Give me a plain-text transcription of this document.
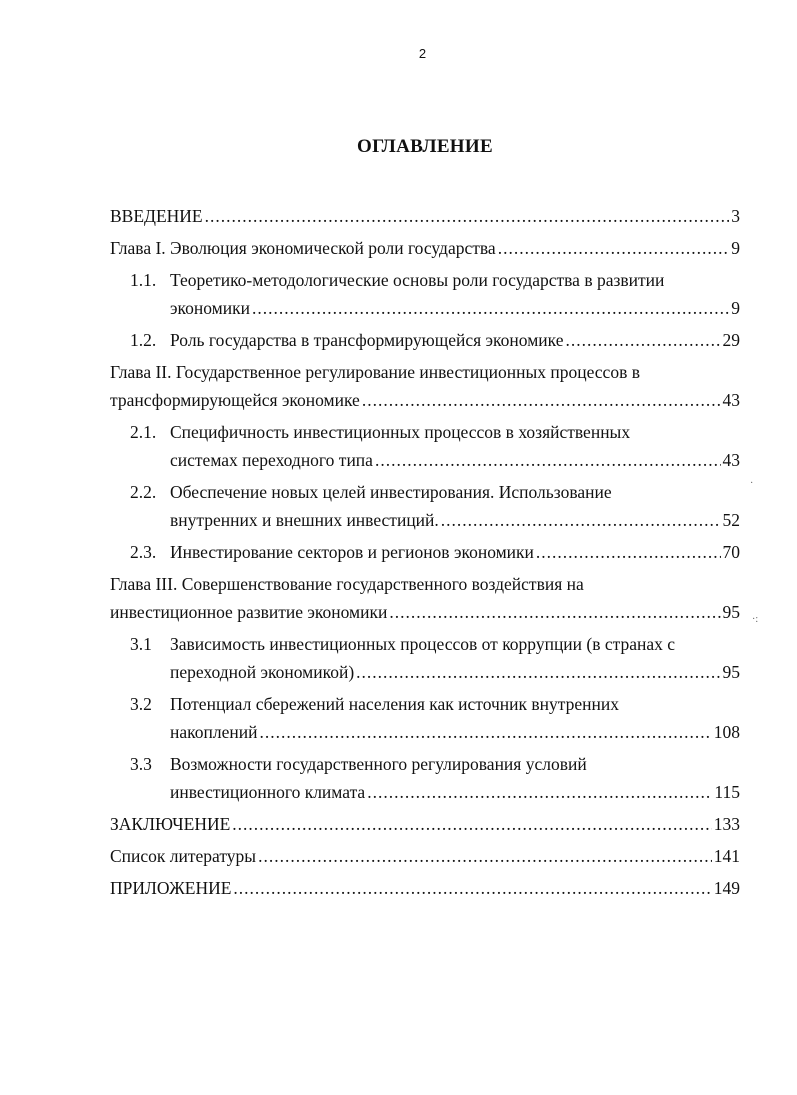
2
ОГЛАВЛЕНИЕ
ВВЕДЕНИЕ .....	3
Глава I. Эволюция экономической роли государства .....	9
1.1. Теоретико-методологические основы роли государства в развитии
экономики .....	9
1.2. Роль государства в трансформирующейся экономике .....	29
Глава II. Государственное регулирование инвестиционных процессов в
трансформирующейся экономике .....	43
2.1. Специфичность инвестиционных процессов в хозяйственных
системах переходного типа .....	43
2.2. Обеспечение новых целей инвестирования. Использование
внутренних и внешних инвестиций. .....	52
2.3. Инвестирование секторов и регионов экономики .....	70
Глава III. Совершенствование государственного воздействия на
инвестиционное развитие экономики .....	95
3.1 Зависимость инвестиционных процессов от коррупции (в странах с
переходной экономикой) .....	95
3.2 Потенциал сбережений населения как источник внутренних
накоплений .....	108
3.3 Возможности государственного регулирования условий
инвестиционного климата .....	115
ЗАКЛЮЧЕНИЕ .....	133
Список литературы .....	141
ПРИЛОЖЕНИЕ .....	149
·
·:
